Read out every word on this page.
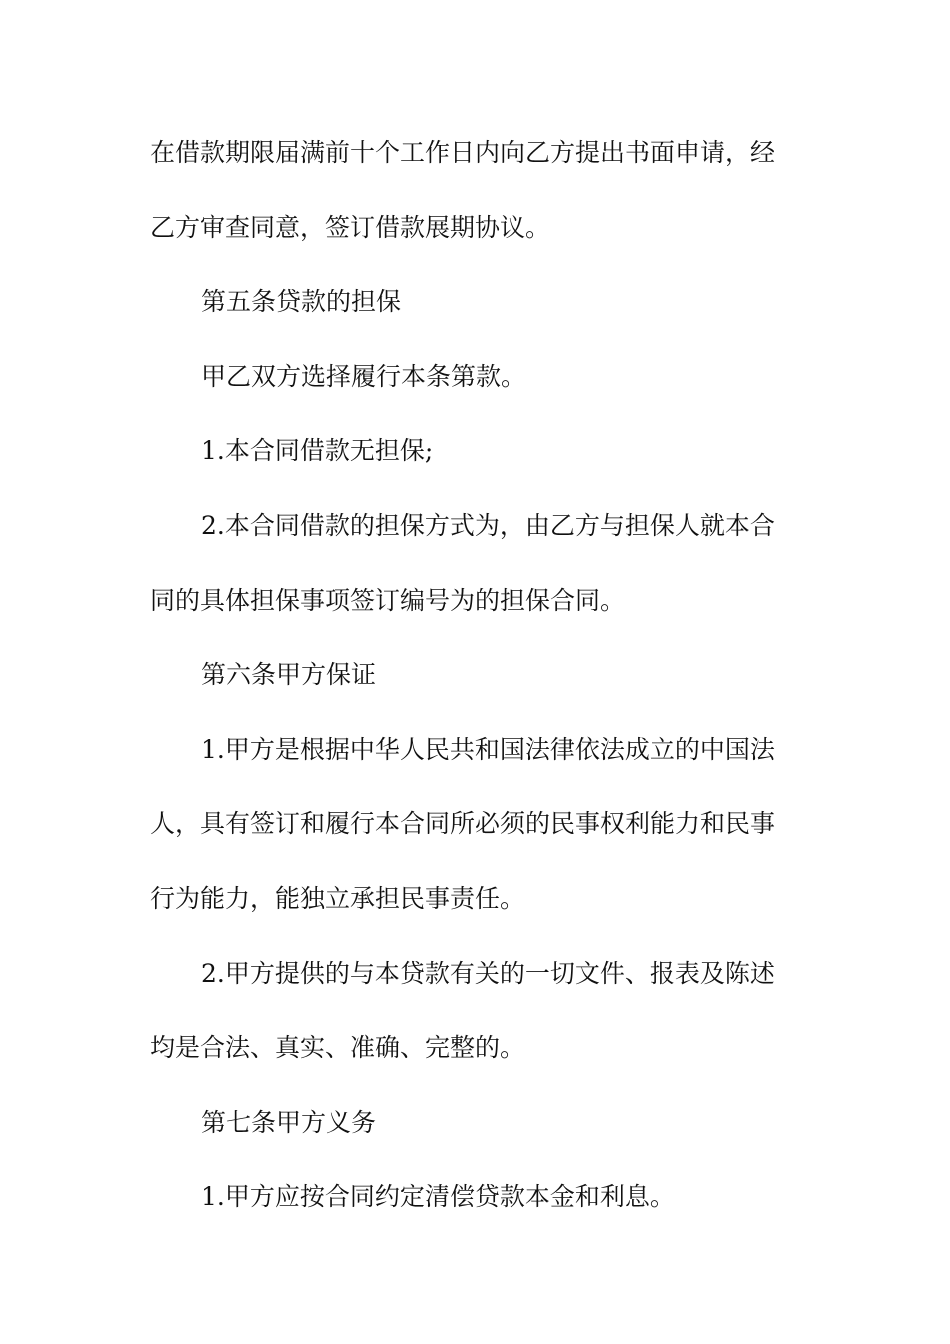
在借款期限届满前十个工作日内向乙方提出书面申请，经
乙方审查同意，签订借款展期协议。
第五条贷款的担保
甲乙双方选择履行本条第款。
1.本合同借款无担保;
2.本合同借款的担保方式为，由乙方与担保人就本合
同的具体担保事项签订编号为的担保合同。
第六条甲方保证
1.甲方是根据中华人民共和国法律依法成立的中国法
人，具有签订和履行本合同所必须的民事权利能力和民事
行为能力，能独立承担民事责任。
2.甲方提供的与本贷款有关的一切文件、报表及陈述
均是合法、真实、准确、完整的。
第七条甲方义务
1.甲方应按合同约定清偿贷款本金和利息。
